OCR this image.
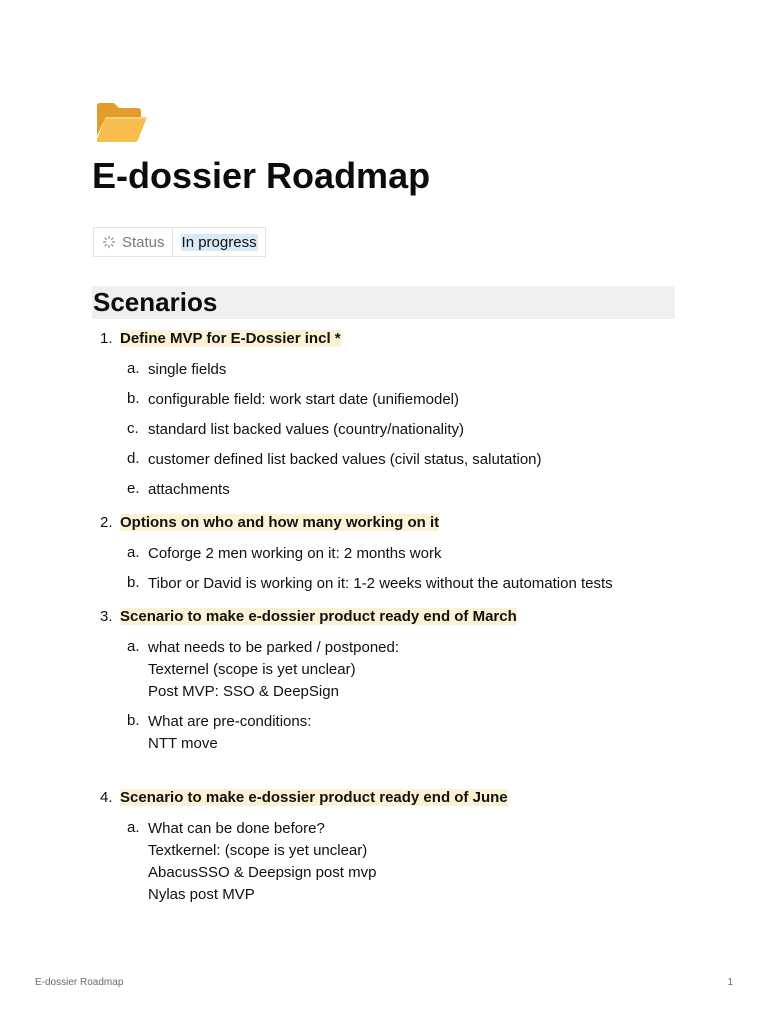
E-dossier Roadmap
Status In progress
Scenarios
1. Define MVP for E-Dossier incl *
a. single fields
b. configurable field: work start date (unifiemodel)
c. standard list backed values (country/nationality)
d. customer defined list backed values (civil status, salutation)
e. attachments
2. Options on who and how many working on it
a. Coforge 2 men working on it: 2 months work
b. Tibor or David is working on it: 1-2 weeks without the automation tests
3. Scenario to make e-dossier product ready end of March
a. what needs to be parked / postponed:
Texternel (scope is yet unclear)
Post MVP: SSO & DeepSign
b. What are pre-conditions:
NTT move
4. Scenario to make e-dossier product ready end of June
a. What can be done before?
Textkernel: (scope is yet unclear)
AbacusSSO & Deepsign post mvp
Nylas post MVP
E-dossier Roadmap	1
